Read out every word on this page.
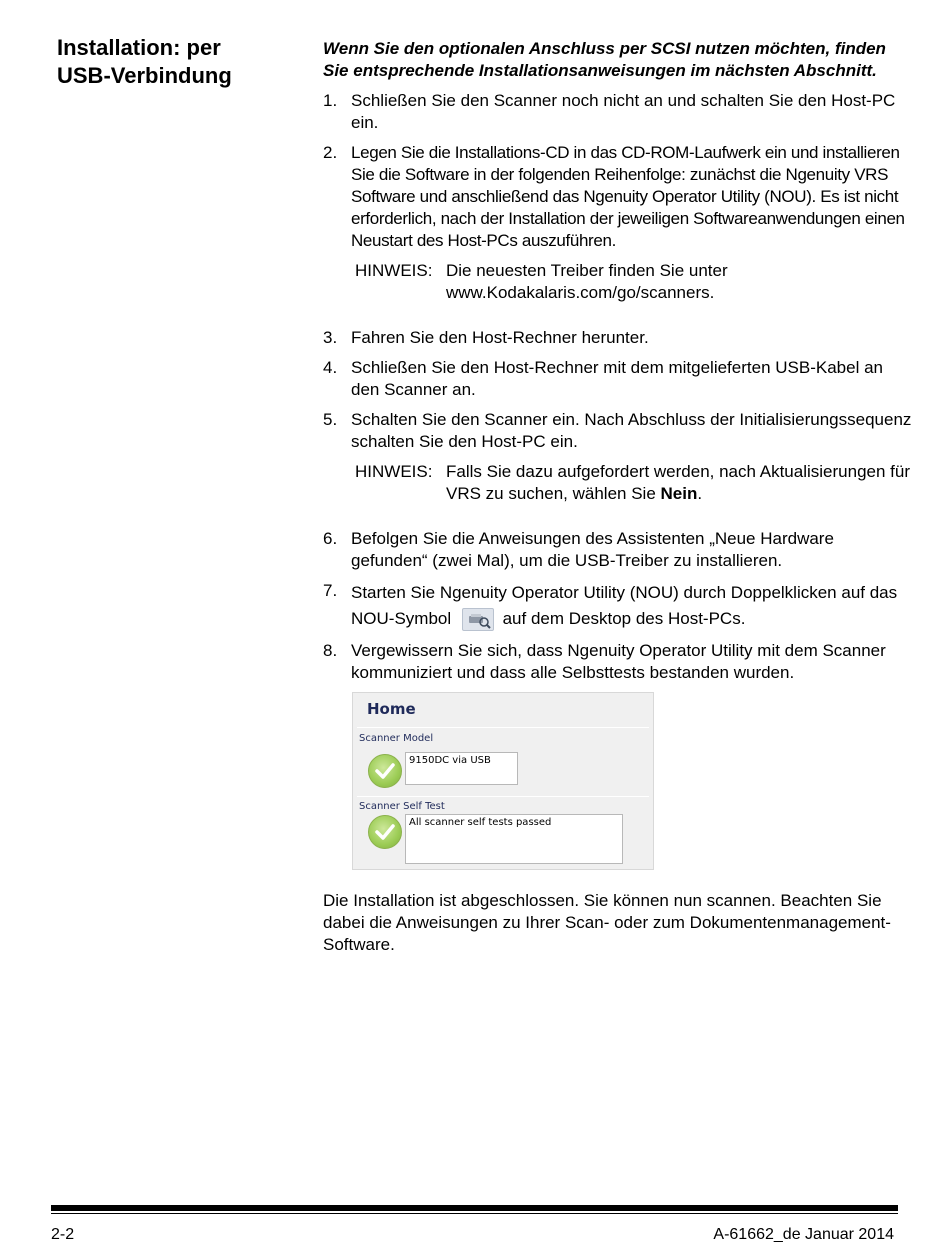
Installation: per
USB-Verbindung

Wenn Sie den optionalen Anschluss per SCSI nutzen möchten, finden Sie entsprechende Installationsanweisungen im nächsten Abschnitt.

1. Schließen Sie den Scanner noch nicht an und schalten Sie den Host-PC ein.
2. Legen Sie die Installations-CD in das CD-ROM-Laufwerk ein und installieren Sie die Software in der folgenden Reihenfolge: zunächst die Ngenuity VRS Software und anschließend das Ngenuity Operator Utility (NOU). Es ist nicht erforderlich, nach der Installation der jeweiligen Softwareanwendungen einen Neustart des Host-PCs auszuführen.
HINWEIS: Die neuesten Treiber finden Sie unter www.Kodakalaris.com/go/scanners.
3. Fahren Sie den Host-Rechner herunter.
4. Schließen Sie den Host-Rechner mit dem mitgelieferten USB-Kabel an den Scanner an.
5. Schalten Sie den Scanner ein. Nach Abschluss der Initialisierungssequenz schalten Sie den Host-PC ein.
HINWEIS: Falls Sie dazu aufgefordert werden, nach Aktualisierungen für VRS zu suchen, wählen Sie Nein.
6. Befolgen Sie die Anweisungen des Assistenten „Neue Hardware gefunden“ (zwei Mal), um die USB-Treiber zu installieren.
7. Starten Sie Ngenuity Operator Utility (NOU) durch Doppelklicken auf das NOU-Symbol	auf dem Desktop des Host-PCs.
8. Vergewissern Sie sich, dass Ngenuity Operator Utility mit dem Scanner kommuniziert und dass alle Selbsttests bestanden wurden.
Home
Scanner Model
9150DC via USB
Scanner Self Test
All scanner self tests passed

Die Installation ist abgeschlossen. Sie können nun scannen. Beachten Sie dabei die Anweisungen zu Ihrer Scan- oder zum Dokumentenmanagement-Software.

2-2	A-61662_de Januar 2014
